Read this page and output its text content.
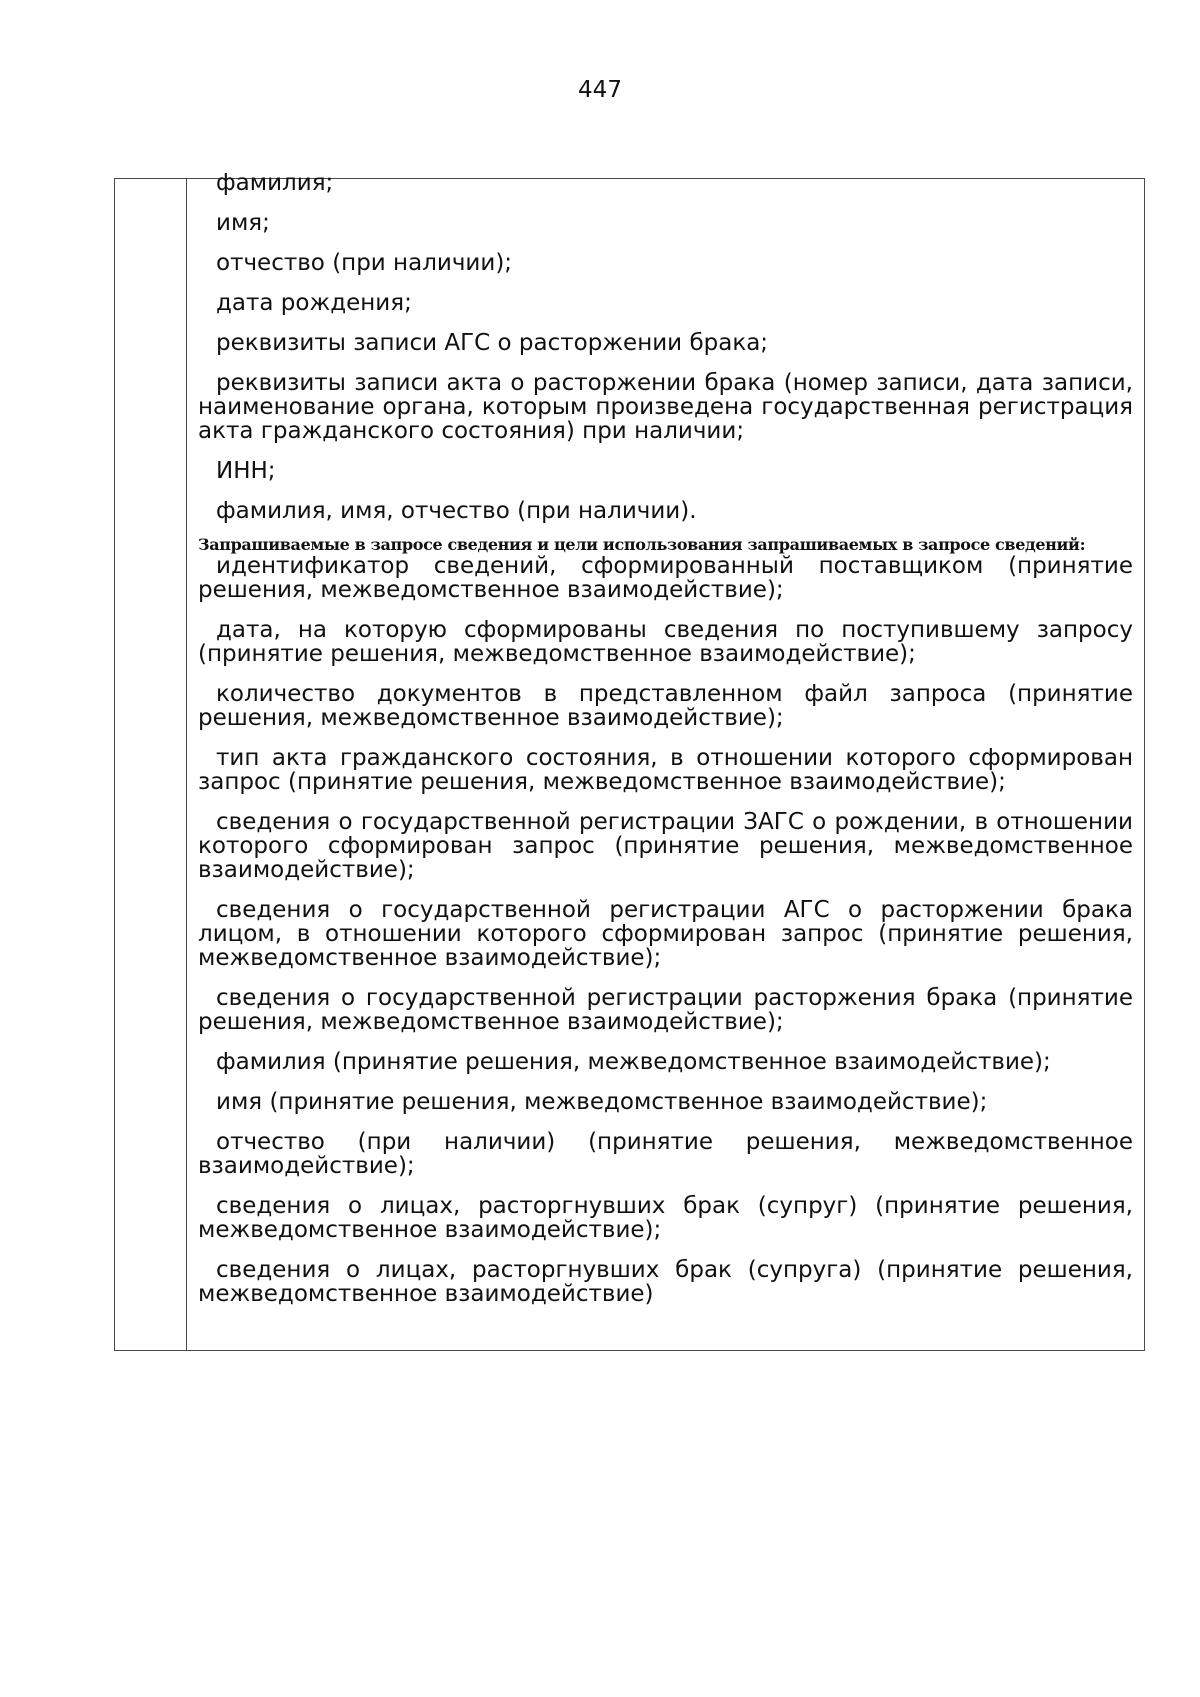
447

фамилия;

имя;

отчество (при наличии);

дата рождения;

реквизиты записи АГС о расторжении брака;

реквизиты записи акта о расторжении брака (номер записи, дата записи, наименование органа, которым произведена государственная регистрация акта гражданского состояния) при наличии;

ИНН;

фамилия, имя, отчество (при наличии).

Запрашиваемые в запросе сведения и цели использования запрашиваемых в запросе сведений:

идентификатор сведений, сформированный поставщиком (принятие решения, межведомственное взаимодействие);

дата, на которую сформированы сведения по поступившему запросу (принятие решения, межведомственное взаимодействие);

количество документов в представленном файл запроса (принятие решения, межведомственное взаимодействие);

тип акта гражданского состояния, в отношении которого сформирован запрос (принятие решения, межведомственное взаимодействие);

сведения о государственной регистрации ЗАГС о рождении, в отношении которого сформирован запрос (принятие решения, межведомственное взаимодействие);

сведения о государственной регистрации АГС о расторжении брака лицом, в отношении которого сформирован запрос (принятие решения, межведомственное взаимодействие);

сведения о государственной регистрации расторжения брака (принятие решения, межведомственное взаимодействие);

фамилия (принятие решения, межведомственное взаимодействие);

имя (принятие решения, межведомственное взаимодействие);

отчество (при наличии) (принятие решения, межведомственное взаимодействие);

сведения о лицах, расторгнувших брак (супруг) (принятие решения, межведомственное взаимодействие);

сведения о лицах, расторгнувших брак (супруга) (принятие решения, межведомственное взаимодействие)
